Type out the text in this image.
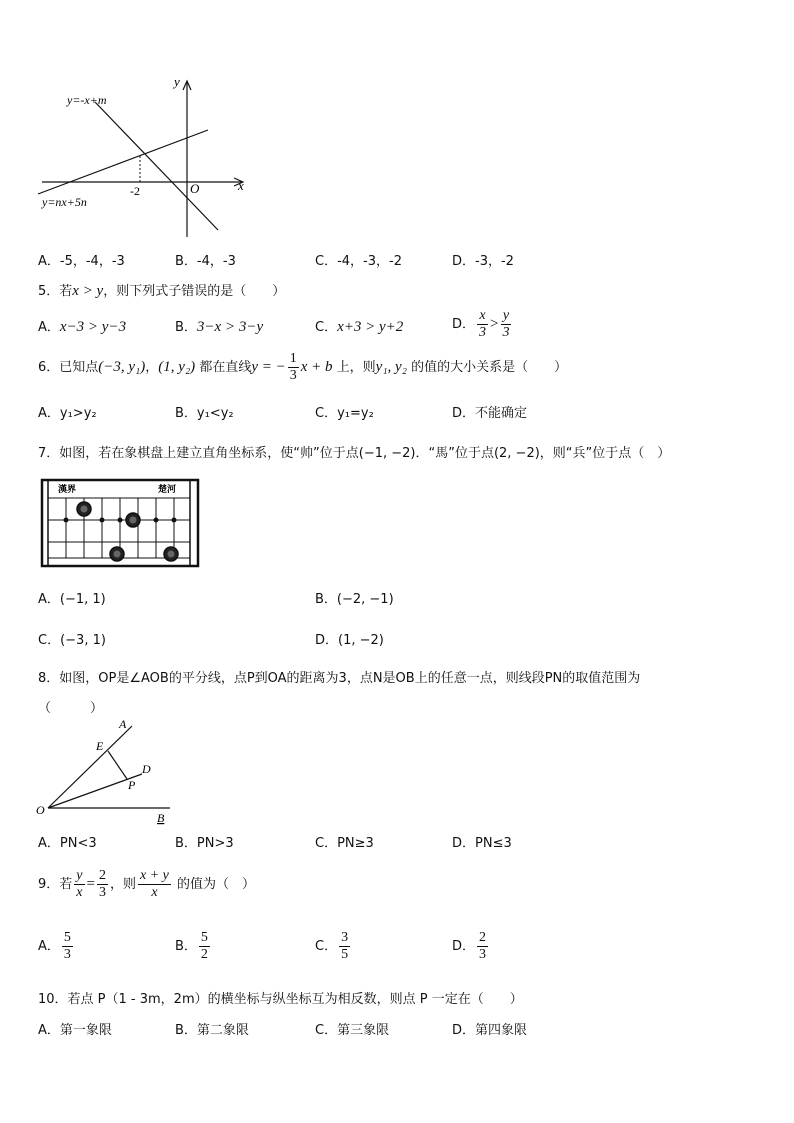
y
x
O
-2
y=-x+m
y=nx+5n
A．-5，-4，-3	B．-4，-3	C．-4，-3，-2	D．-3，-2
5．若x > y，则下列式子错误的是（　　）
A．x−3 > y−3	B．3−x > 3−y	C．x+3 > y+2	D． $\frac{x}{3} > \frac{y}{3}$
6．已知点(−3, y₁)，(1, y₂) 都在直线y = − $\frac{1}{3}$ x + b 上，则y₁, y₂ 的值的大小关系是（　　）
A．y₁>y₂	B．y₁<y₂	C．y₁=y₂	D．不能确定
7．如图，若在象棋盘上建立直角坐标系，使“帅”位于点(−1, −2)．“馬”位于点(2, −2)，则“兵”位于点（　）
漢界	楚河
A．(−1, 1)	B．(−2, −1)
C．(−3, 1)	D．(1, −2)
8．如图，OP是∠AOB的平分线，点P到OA的距离为3，点N是OB上的任意一点，则线段PN的取值范围为
（　　　）
A
E
D
P
O
B
A．PN<3	B．PN>3	C．PN≥3	D．PN≤3
9．若 $\frac{y}{x} = \frac{2}{3}$ ，则 $\frac{x + y}{x}$ 的值为（　）
A． $\frac{5}{3}$	B． $\frac{5}{2}$	C． $\frac{3}{5}$	D． $\frac{2}{3}$
10．若点 P（1 - 3m，2m）的横坐标与纵坐标互为相反数，则点 P 一定在（　　）
A．第一象限	B．第二象限	C．第三象限	D．第四象限
